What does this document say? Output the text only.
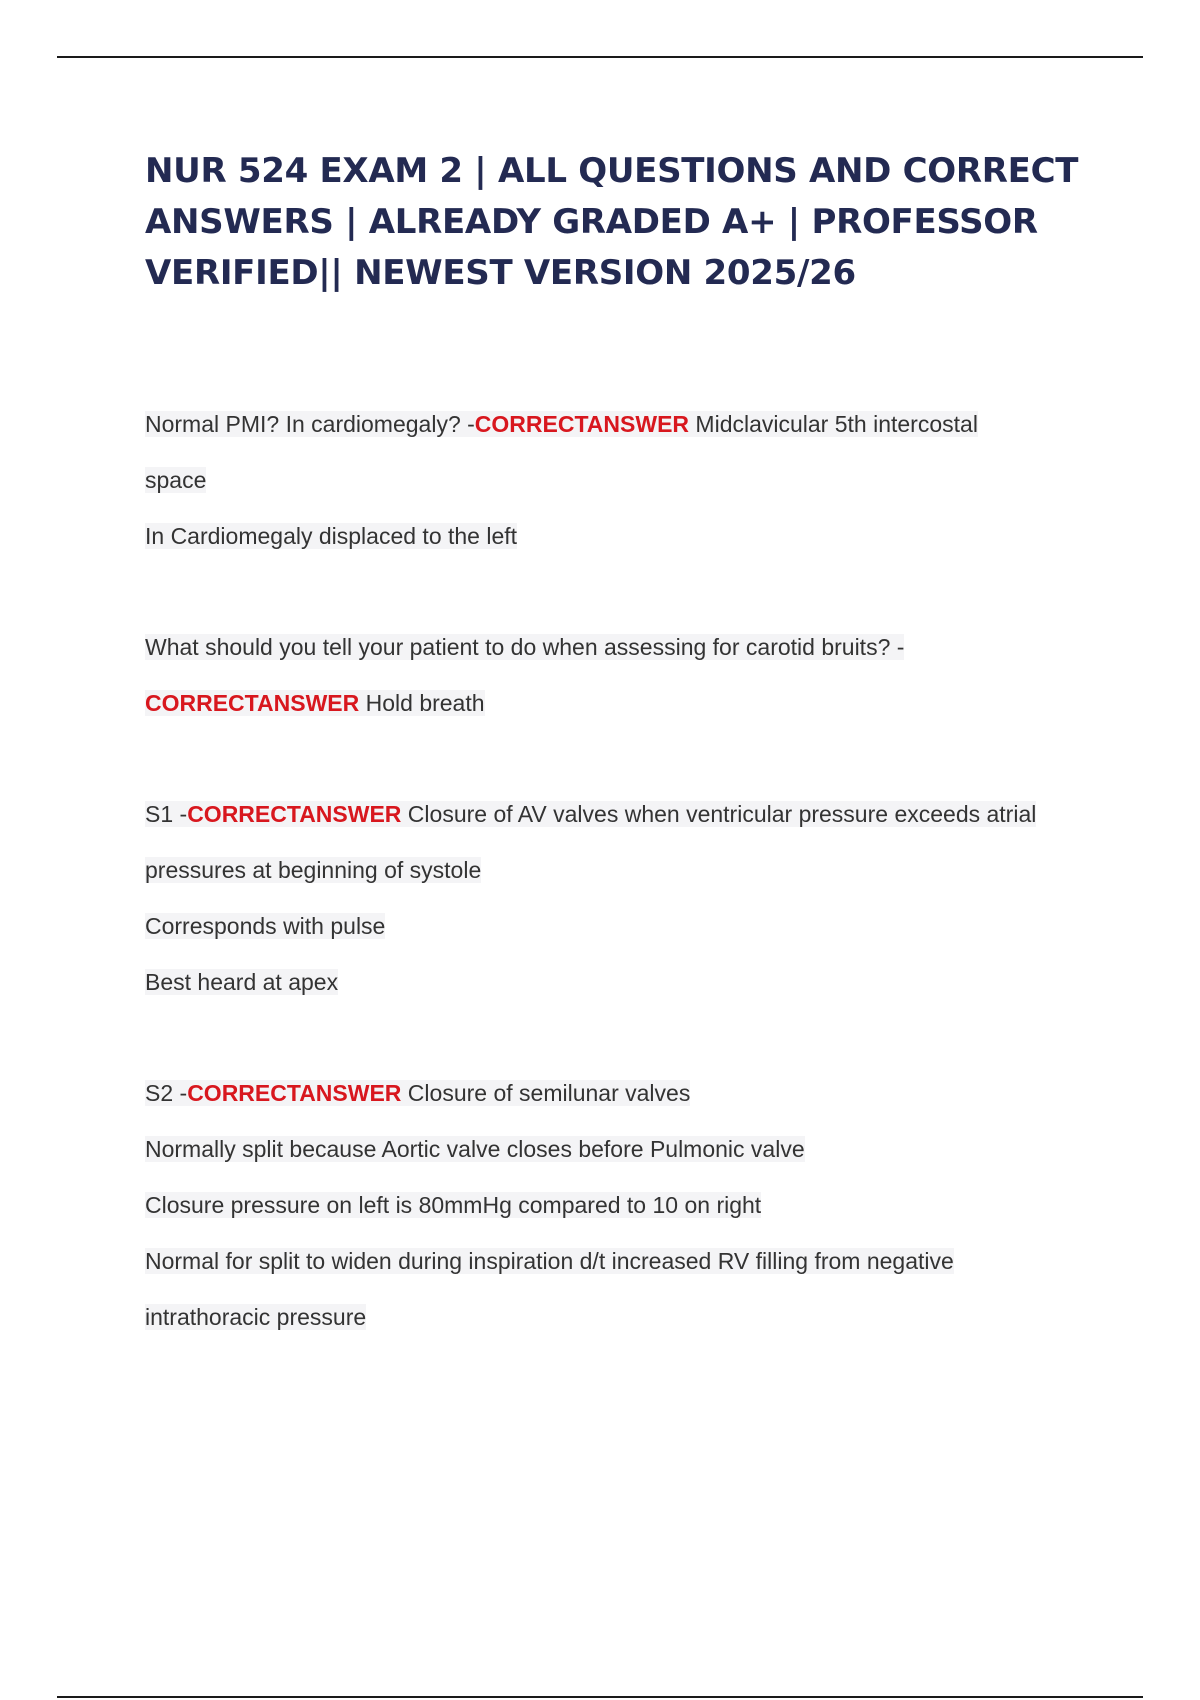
NUR 524 EXAM 2 | ALL QUESTIONS AND CORRECT
ANSWERS | ALREADY GRADED A+ | PROFESSOR
VERIFIED|| NEWEST VERSION 2025/26
Normal PMI? In cardiomegaly? -CORRECTANSWER Midclavicular 5th intercostal
space
In Cardiomegaly displaced to the left
What should you tell your patient to do when assessing for carotid bruits? -
CORRECTANSWER Hold breath
S1 -CORRECTANSWER Closure of AV valves when ventricular pressure exceeds atrial
pressures at beginning of systole
Corresponds with pulse
Best heard at apex
S2 -CORRECTANSWER Closure of semilunar valves
Normally split because Aortic valve closes before Pulmonic valve
Closure pressure on left is 80mmHg compared to 10 on right
Normal for split to widen during inspiration d/t increased RV filling from negative
intrathoracic pressure
